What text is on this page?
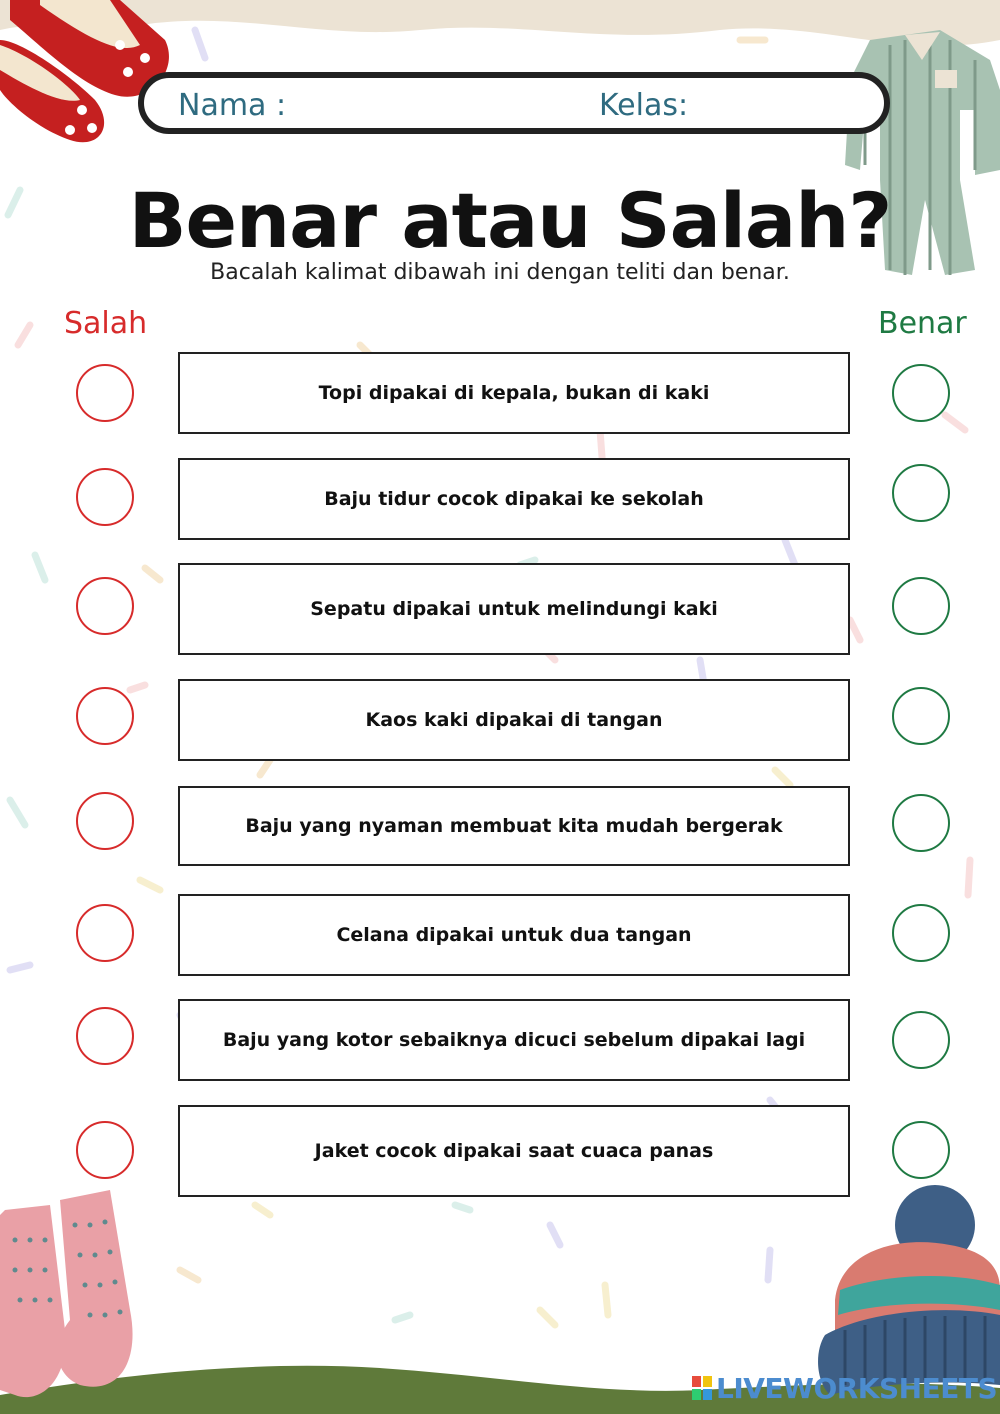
Nama :	Kelas:
Benar atau Salah?
Bacalah kalimat dibawah ini dengan teliti dan benar.
Salah	Benar
Topi dipakai di kepala, bukan di kaki
Baju tidur cocok dipakai ke sekolah
Sepatu dipakai untuk melindungi kaki
Kaos kaki dipakai di tangan
Baju yang nyaman membuat kita mudah bergerak
Celana dipakai untuk dua tangan
Baju yang kotor sebaiknya dicuci sebelum dipakai lagi
Jaket cocok dipakai saat cuaca panas
LIVEWORKSHEETS
